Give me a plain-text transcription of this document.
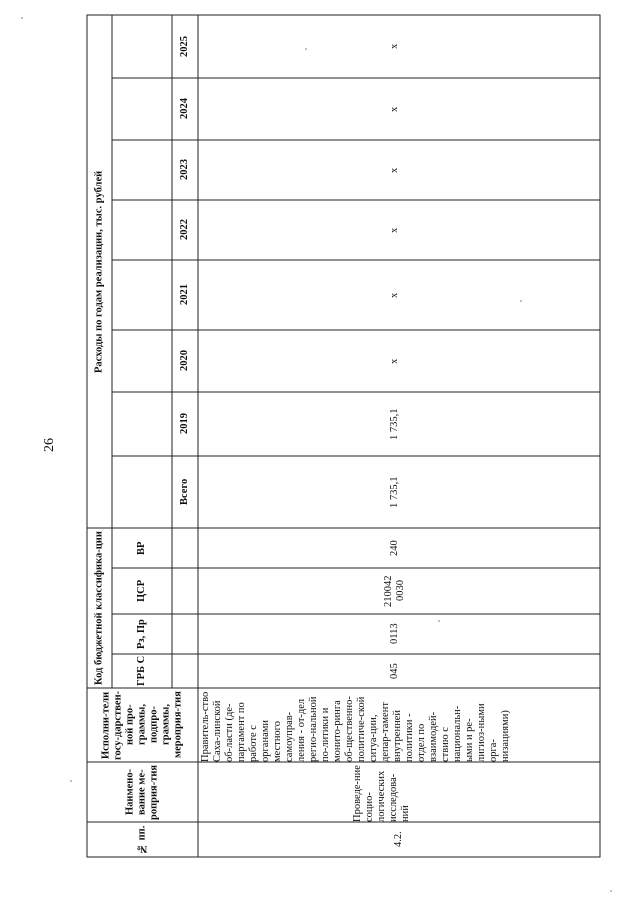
26
№ пп.
Наимено-вание ме-роприя-тия
Исполни-тели госу-дарствен-ной про-граммы, подпро-граммы, мероприя-тия
Код бюджетной классифика-ции	ГРБ С
Рз, Пр
ЦСР
ВР
Расходы по годам реализации, тыс. рублей
Всего
2019
2020
2021
2022
2023
2024
2025
4.2.
Проведе-ние социо-логических исследова-ний
Правитель-ство Саха-линской об-ласти (де-партамент по работе с органами местного самоуправ-ления - от-дел регио-нальной по-литики и монито-ринга об-щественно-политиче-ской ситуа-ции, депар-тамент внутренней политики - отдел по взаимодей-ствию с национальн-ыми и ре-лигиоз-ными орга-низациями)
045
0113
210042 0030
240
1 735,1
1 735,1
x
x
x
x
x
x
